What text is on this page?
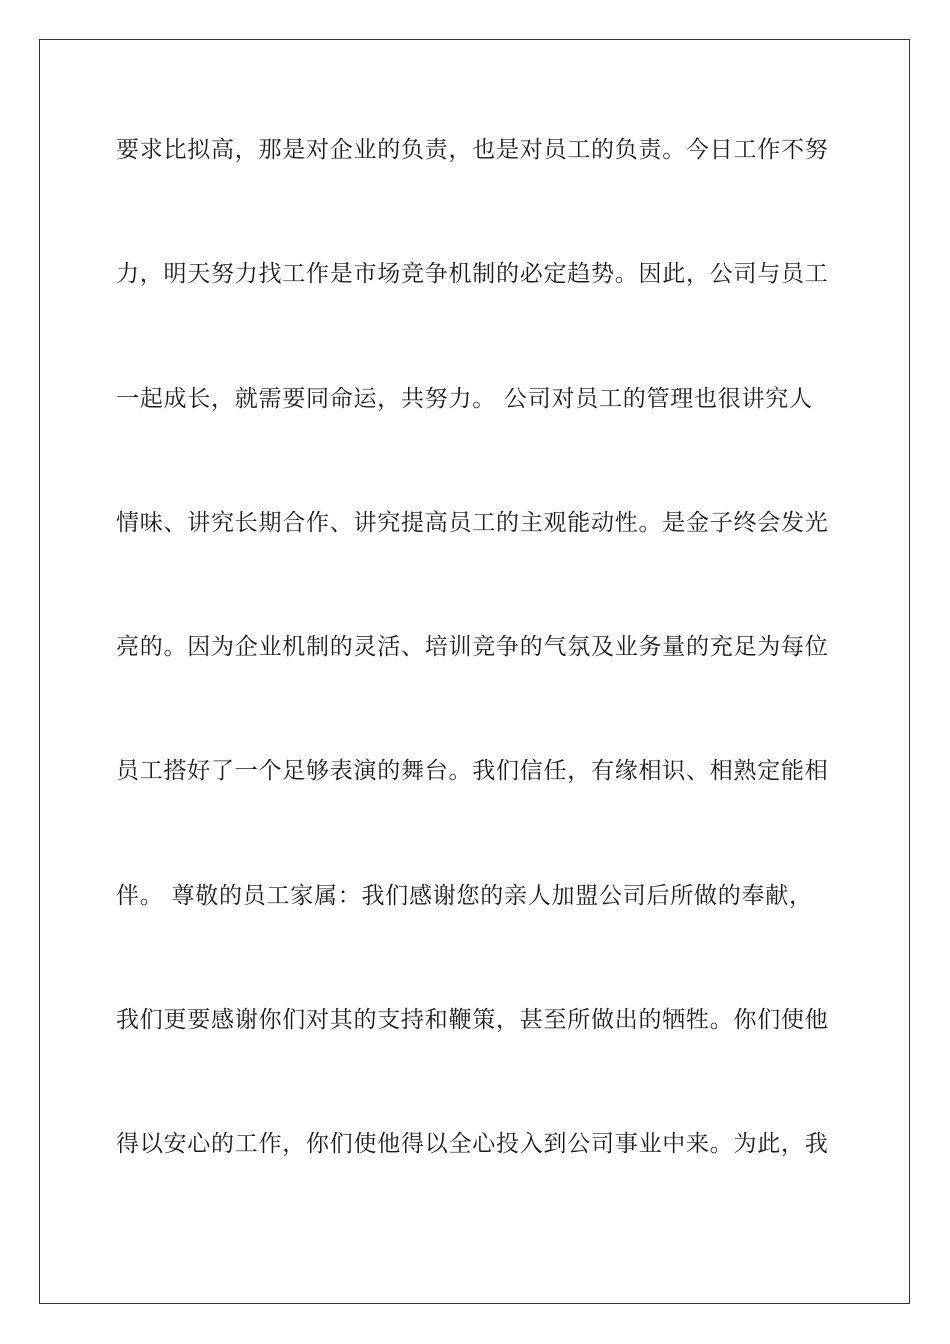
要求比拟高，那是对企业的负责，也是对员工的负责。今日工作不努
力，明天努力找工作是市场竞争机制的必定趋势。因此，公司与员工
一起成长，就需要同命运，共努力。 公司对员工的管理也很讲究人
情味、讲究长期合作、讲究提高员工的主观能动性。是金子终会发光
亮的。因为企业机制的灵活、培训竞争的气氛及业务量的充足为每位
员工搭好了一个足够表演的舞台。我们信任，有缘相识、相熟定能相
伴。 尊敬的员工家属：我们感谢您的亲人加盟公司后所做的奉献，
我们更要感谢你们对其的支持和鞭策，甚至所做出的牺牲。你们使他
得以安心的工作，你们使他得以全心投入到公司事业中来。为此，我
